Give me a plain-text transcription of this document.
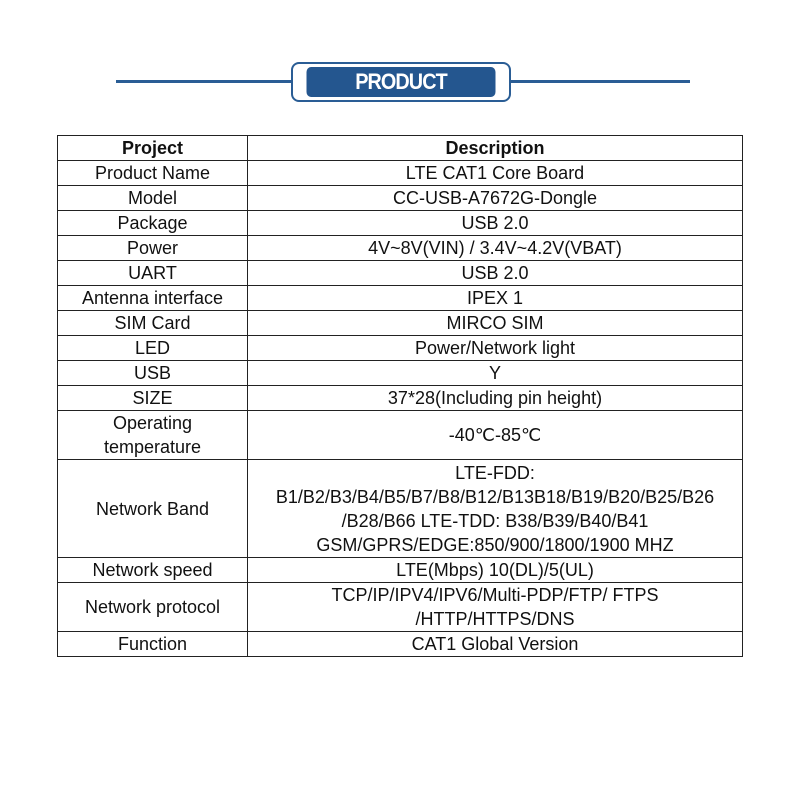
PRODUCT PARAMETERS
Project	Description

Product Name	LTE CAT1 Core Board

Model	CC-USB-A7672G-Dongle

Package	USB 2.0

Power	4V~8V(VIN) / 3.4V~4.2V(VBAT)

UART	USB 2.0

Antenna interface	IPEX 1

SIM Card	MIRCO SIM

LED	Power/Network light

USB	Y

SIZE	37*28(Including pin height)

Operating
temperature	-40℃-85℃

Network Band	LTE-FDD:
B1/B2/B3/B4/B5/B7/B8/B12/B13B18/B19/B20/B25/B26
/B28/B66 LTE-TDD: B38/B39/B40/B41
GSM/GPRS/EDGE:850/900/1800/1900 MHZ

Network speed	LTE(Mbps) 10(DL)/5(UL)

Network protocol	TCP/IP/IPV4/IPV6/Multi-PDP/FTP/ FTPS
/HTTP/HTTPS/DNS

Function	CAT1 Global Version
